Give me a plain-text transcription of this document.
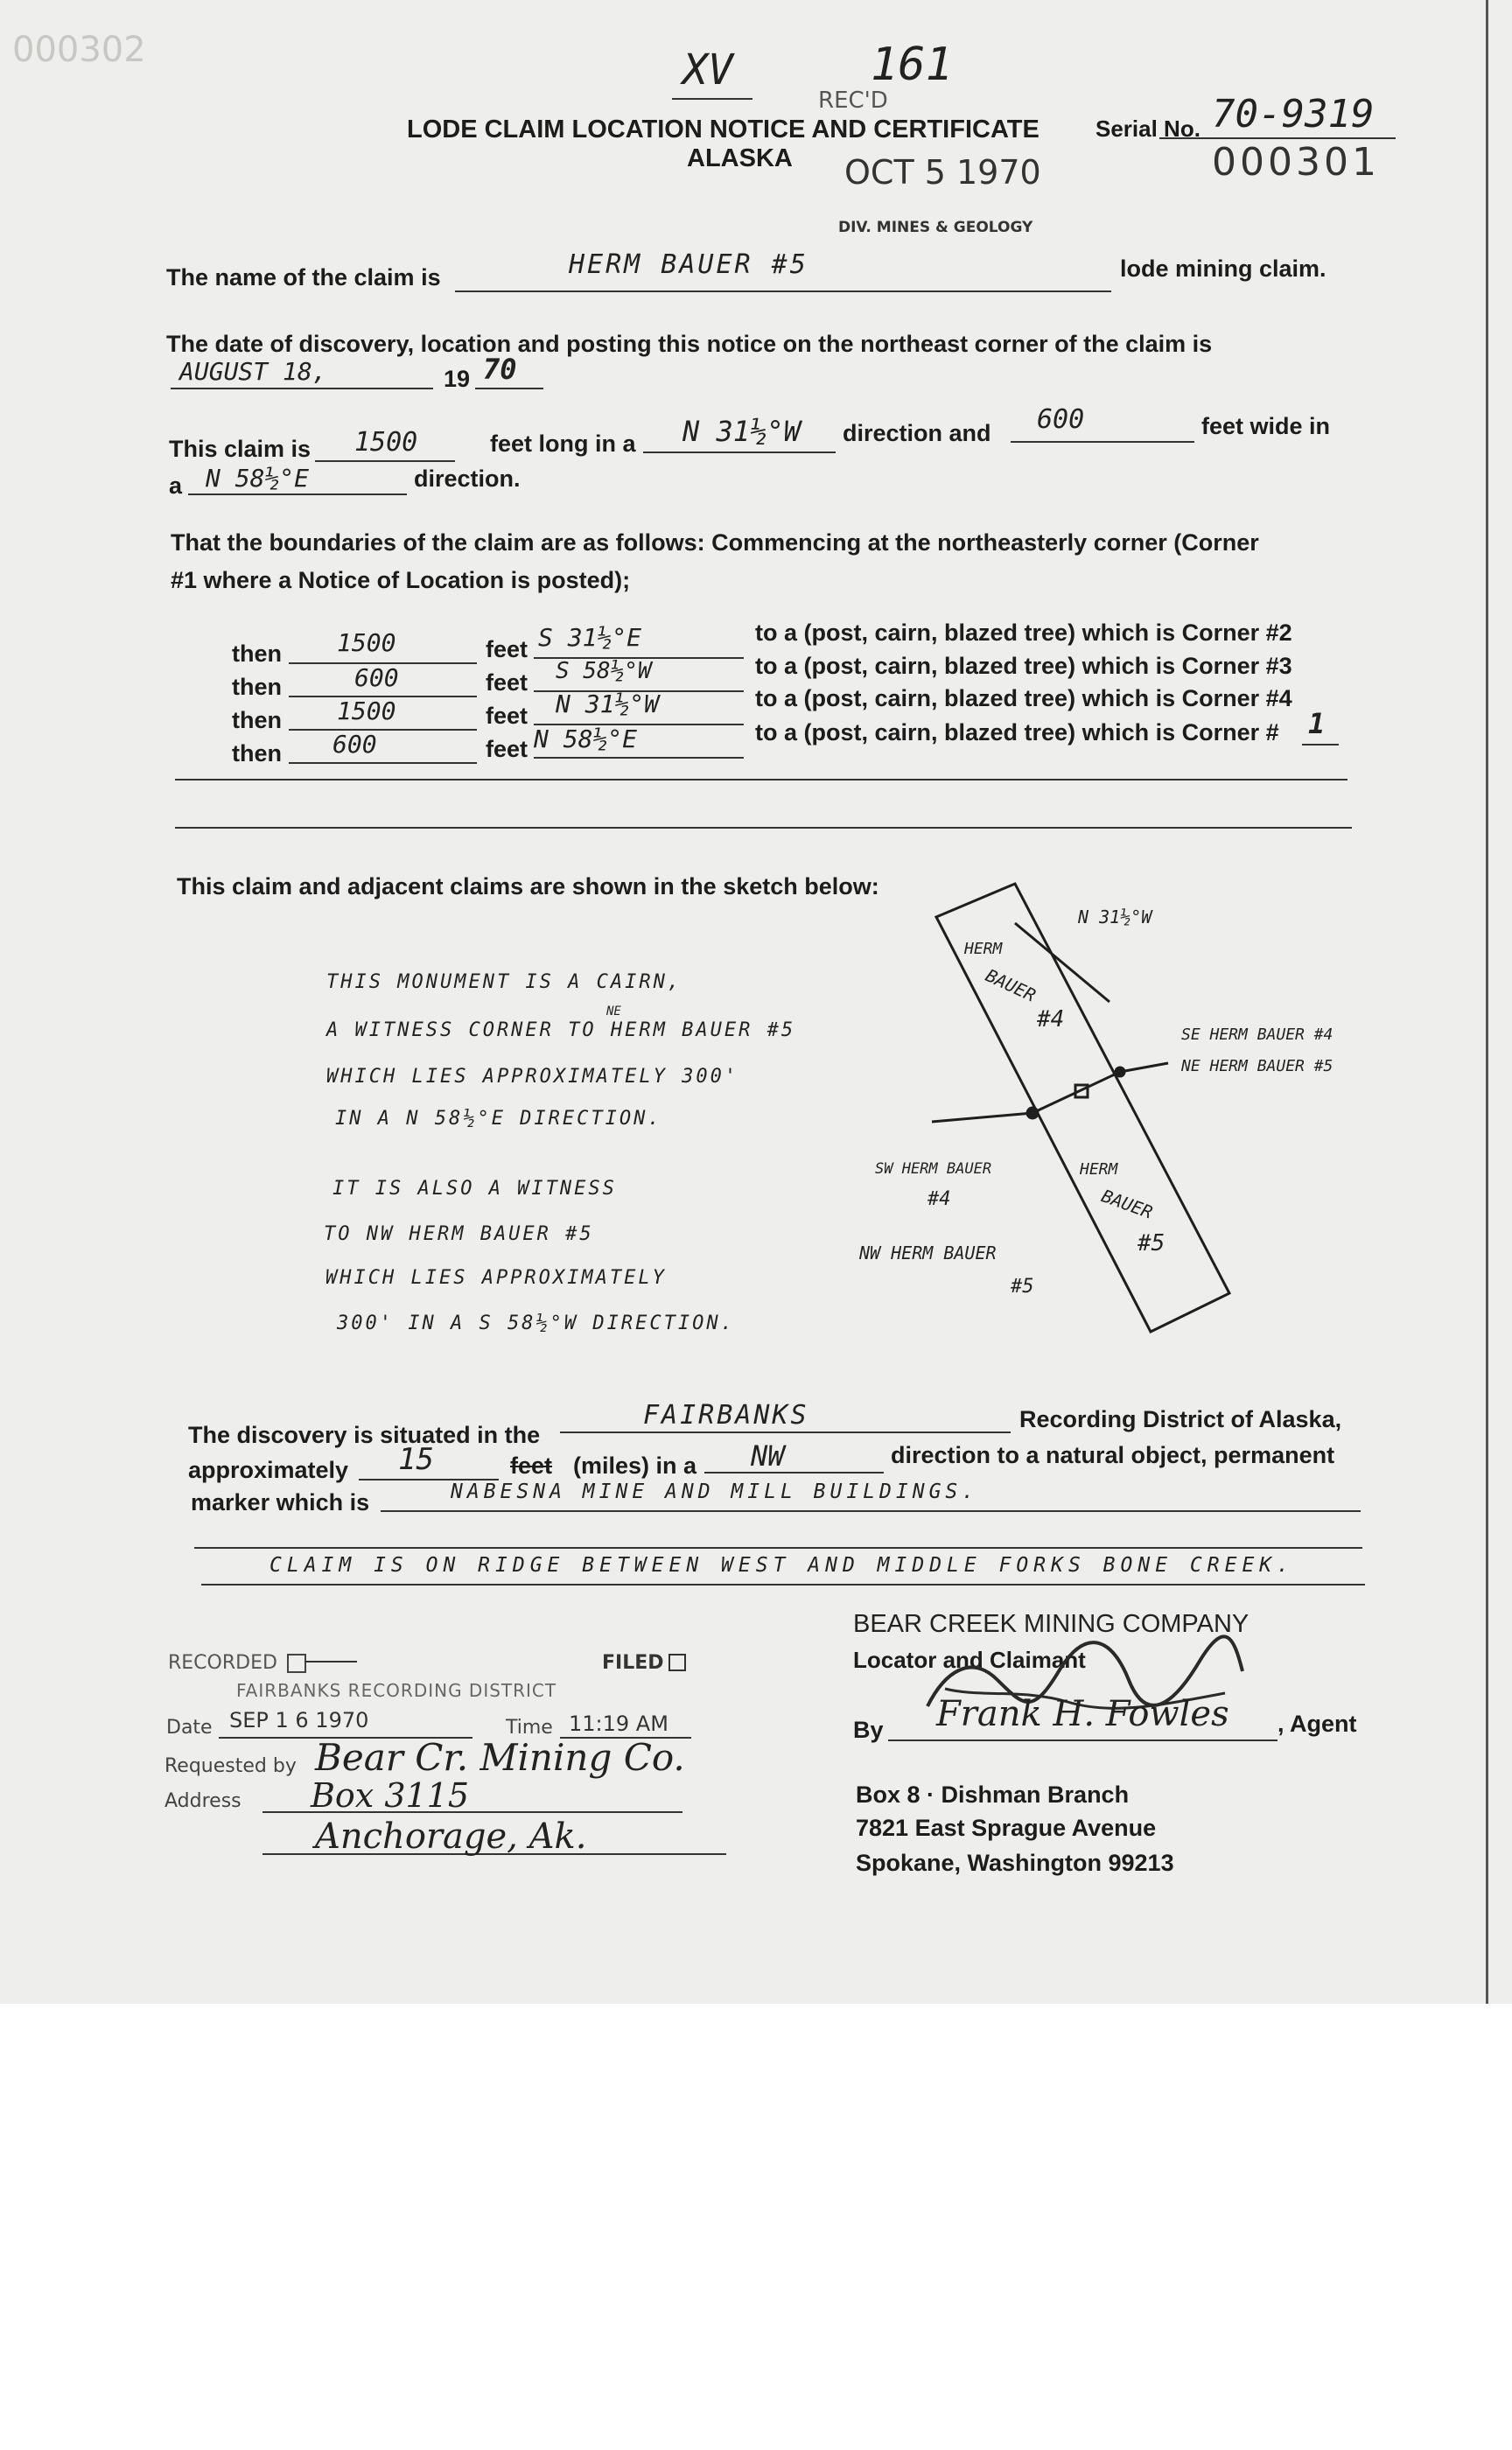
000302	XV	161
REC'D
LODE CLAIM LOCATION NOTICE AND CERTIFICATE Serial No. 70-9319
ALASKA OCT 5 1970	000301
DIV. MINES & GEOLOGY
The name of the claim is	HERM BAUER #5	lode mining claim.
The date of discovery, location and posting this notice on the northeast corner of the claim is
AUGUST 18,	19 70
This claim is 1500	feet long in a N 31½°W direction and 600	feet wide in
a N 58½°E	direction.
That the boundaries of the claim are as follows: Commencing at the northeasterly corner (Corner
#1 where a Notice of Location is posted);
then 1500	feet S 31½°E	to a (post, cairn, blazed tree) which is Corner #2
then	600	feet S 58½°W	to a (post, cairn, blazed tree) which is Corner #3
then 1500	feet N 31½°W	to a (post, cairn, blazed tree) which is Corner #4
then 600	feet N 58½°E	to a (post, cairn, blazed tree) which is Corner # 1
This claim and adjacent claims are shown in the sketch below:
THIS MONUMENT IS A CAIRN,
A WITNESS CORNER TO HERM BAUER #5
NE
WHICH LIES APPROXIMATELY 300'
IN A N 58½°E DIRECTION.
IT IS ALSO A WITNESS
TO NW HERM BAUER #5
WHICH LIES APPROXIMATELY
300' IN A S 58½°W DIRECTION.
N 31½°W
HERM
BAUER
#4
HERM
BAUER
#5
SE HERM BAUER #4
NE HERM BAUER #5
SW HERM BAUER
#4
NW HERM BAUER
#5
The discovery is situated in the
FAIRBANKS	Recording District of Alaska,
approximately 15	feet (miles) in a NW	direction to a natural object, permanent
marker which is	NABESNA MINE AND MILL BUILDINGS.
CLAIM IS ON RIDGE BETWEEN WEST AND MIDDLE FORKS BONE CREEK.
RECORDED	FILED
FAIRBANKS RECORDING DISTRICT
Date SEP 1 6 1970	Time 11:19 AM
Requested by Bear Cr. Mining Co.
Address Box 3115
Anchorage, Ak.
BEAR CREEK MINING COMPANY
Locator and Claimant
By Frank H. Fowles , Agent
Box 8 · Dishman Branch
7821 East Sprague Avenue
Spokane, Washington 99213
